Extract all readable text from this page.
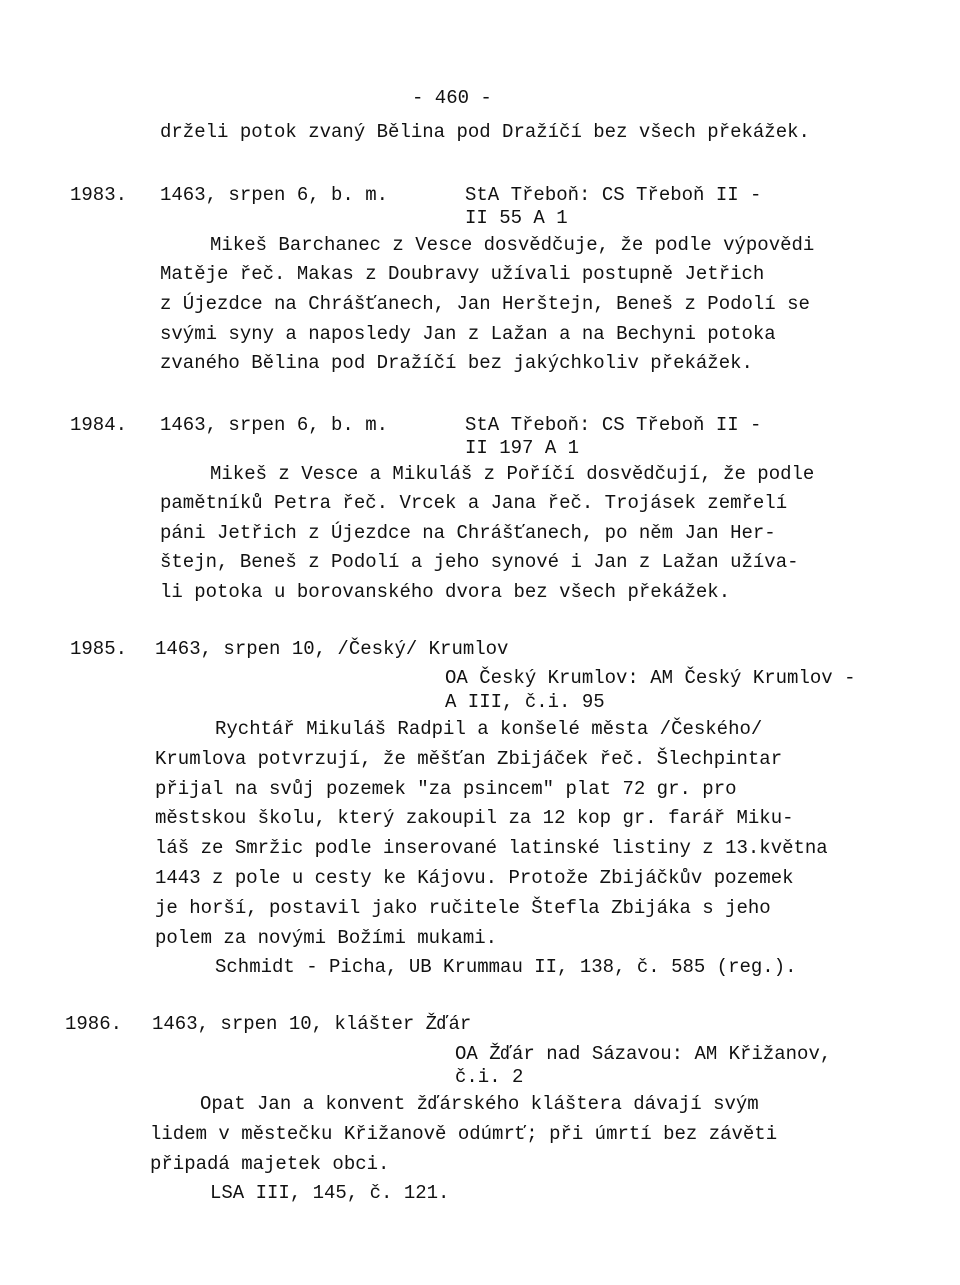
- 460 -
drželi potok zvaný Bělina pod Dražíčí bez všech překážek.
1983. 1463, srpen 6, b. m.	StA Třeboň: CS Třeboň II -
II 55 A 1
Mikeš Barchanec z Vesce dosvědčuje, že podle výpovědi
Matěje řeč. Makas z Doubravy užívali postupně Jetřich
z Újezdce na Chrášťanech, Jan Herštejn, Beneš z Podolí se
svými syny a naposledy Jan z Lažan a na Bechyni potoka
zvaného Bělina pod Dražíčí bez jakýchkoliv překážek.
1984. 1463, srpen 6, b. m.	StA Třeboň: CS Třeboň II -
II 197 A 1
Mikeš z Vesce a Mikuláš z Poříčí dosvědčují, že podle
pamětníků Petra řeč. Vrcek a Jana řeč. Trojásek zemřelí
páni Jetřich z Újezdce na Chrášťanech, po něm Jan Her-
štejn, Beneš z Podolí a jeho synové i Jan z Lažan užíva-
li potoka u borovanského dvora bez všech překážek.
1985. 1463, srpen 10, /Český/ Krumlov
OA Český Krumlov: AM Český Krumlov -
A III, č.i. 95
Rychtář Mikuláš Radpil a konšelé města /Českého/
Krumlova potvrzují, že měšťan Zbijáček řeč. Šlechpintar
přijal na svůj pozemek "za psincem" plat 72 gr. pro
městskou školu, který zakoupil za 12 kop gr. farář Miku-
láš ze Smržic podle inserované latinské listiny z 13.května
1443 z pole u cesty ke Kájovu. Protože Zbijáčkův pozemek
je horší, postavil jako ručitele Štefla Zbijáka s jeho
polem za novými Božími mukami.
Schmidt - Picha, UB Krummau II, 138, č. 585 (reg.).
1986. 1463, srpen 10, klášter Žďár
OA Žďár nad Sázavou: AM Křižanov,
č.i. 2
Opat Jan a konvent žďárského kláštera dávají svým
lidem v městečku Křižanově odúmrť; při úmrtí bez závěti
připadá majetek obci.
LSA III, 145, č. 121.
